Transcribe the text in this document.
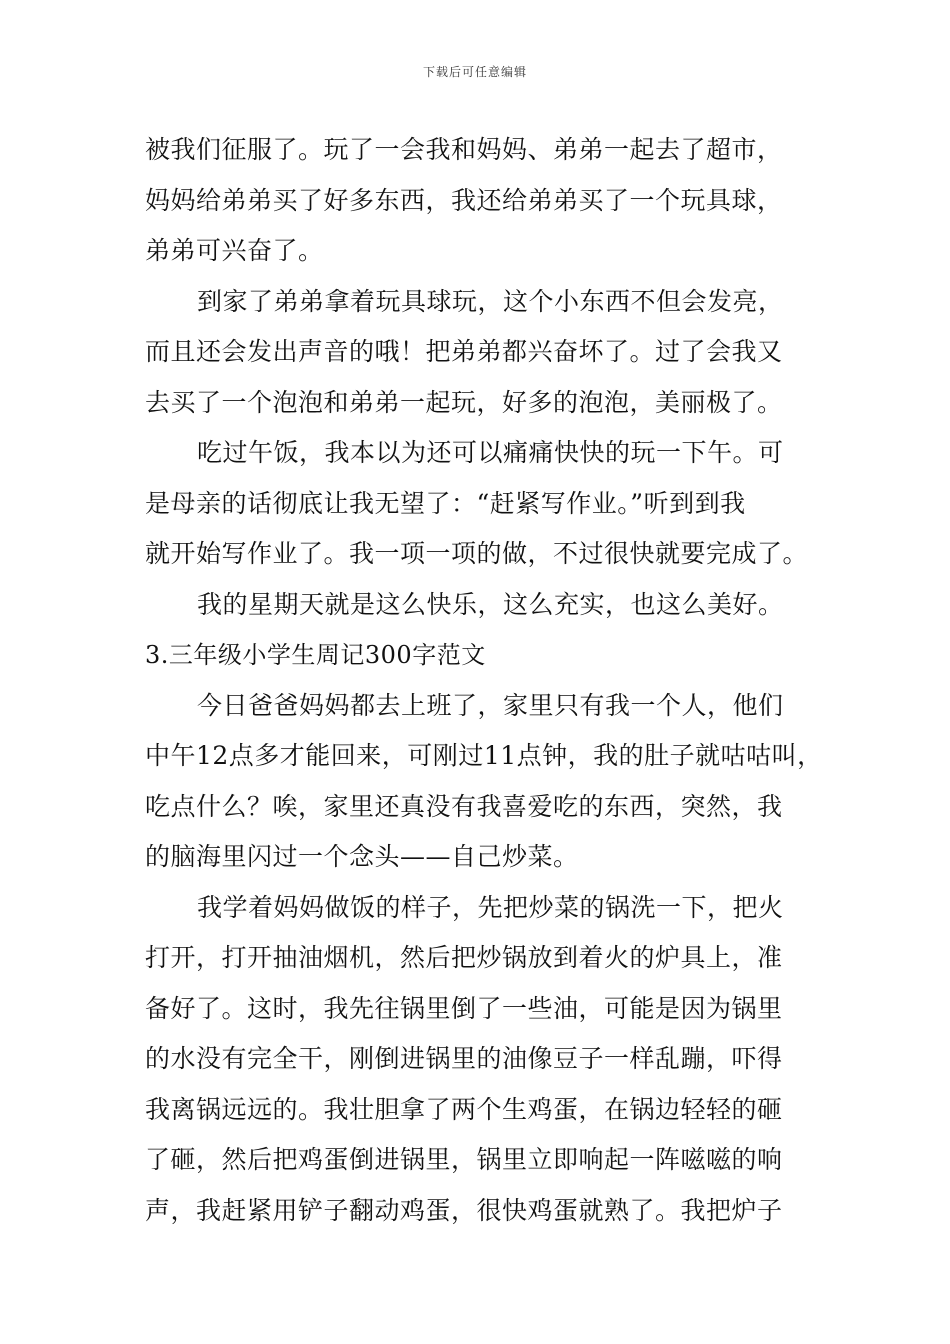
下载后可任意编辑
被我们征服了。玩了一会我和妈妈、弟弟一起去了超市，
妈妈给弟弟买了好多东西，我还给弟弟买了一个玩具球，
弟弟可兴奋了。
到家了弟弟拿着玩具球玩，这个小东西不但会发亮，
而且还会发出声音的哦！把弟弟都兴奋坏了。过了会我又
去买了一个泡泡和弟弟一起玩，好多的泡泡，美丽极了。
吃过午饭，我本以为还可以痛痛快快的玩一下午。可
是母亲的话彻底让我无望了：“赶紧写作业。”听到到我
就开始写作业了。我一项一项的做，不过很快就要完成了。
我的星期天就是这么快乐，这么充实，也这么美好。
3.三年级小学生周记300字范文
今日爸爸妈妈都去上班了，家里只有我一个人，他们
中午12点多才能回来，可刚过11点钟，我的肚子就咕咕叫，
吃点什么？唉，家里还真没有我喜爱吃的东西，突然，我
的脑海里闪过一个念头——自己炒菜。
我学着妈妈做饭的样子，先把炒菜的锅洗一下，把火
打开，打开抽油烟机，然后把炒锅放到着火的炉具上，准
备好了。这时，我先往锅里倒了一些油，可能是因为锅里
的水没有完全干，刚倒进锅里的油像豆子一样乱蹦，吓得
我离锅远远的。我壮胆拿了两个生鸡蛋，在锅边轻轻的砸
了砸，然后把鸡蛋倒进锅里，锅里立即响起一阵嗞嗞的响
声，我赶紧用铲子翻动鸡蛋，很快鸡蛋就熟了。我把炉子
